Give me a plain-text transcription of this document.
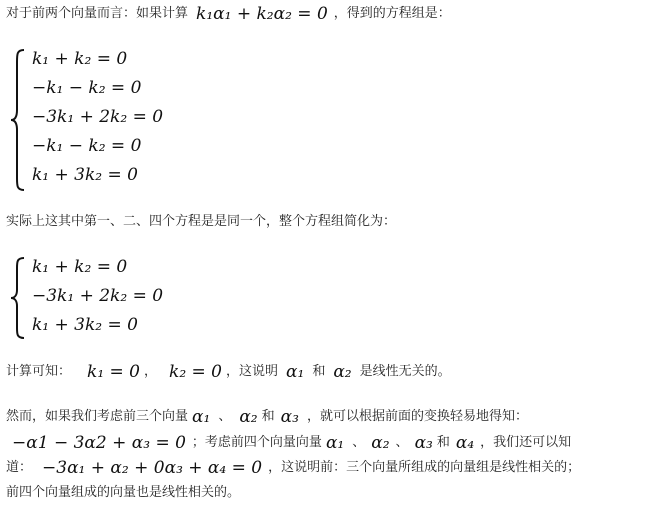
对于前两个向量而言：如果计算 k₁α₁ + k₂α₂ = 0 ，得到的方程组是：
k₁ + k₂ = 0
−k₁ − k₂ = 0
−3k₁ + 2k₂ = 0
−k₁ − k₂ = 0
k₁ + 3k₂ = 0
实际上这其中第一、二、四个方程是是同一个，整个方程组简化为：
k₁ + k₂ = 0
−3k₁ + 2k₂ = 0
k₁ + 3k₂ = 0
计算可知： k₁ = 0 ， k₂ = 0 ，这说明 α₁ 和 α₂ 是线性无关的。
然而，如果我们考虑前三个向量 α₁ 、 α₂ 和 α₃ ，就可以根据前面的变换轻易地得知：
−α1 − 3α2 + α₃ = 0 ；考虑前四个向量向量 α₁ 、 α₂ 、 α₃ 和 α₄ ，我们还可以知
道： −3α₁ + α₂ + 0α₃ + α₄ = 0 ，这说明前：三个向量所组成的向量组是线性相关的；
前四个向量组成的向量也是线性相关的。
